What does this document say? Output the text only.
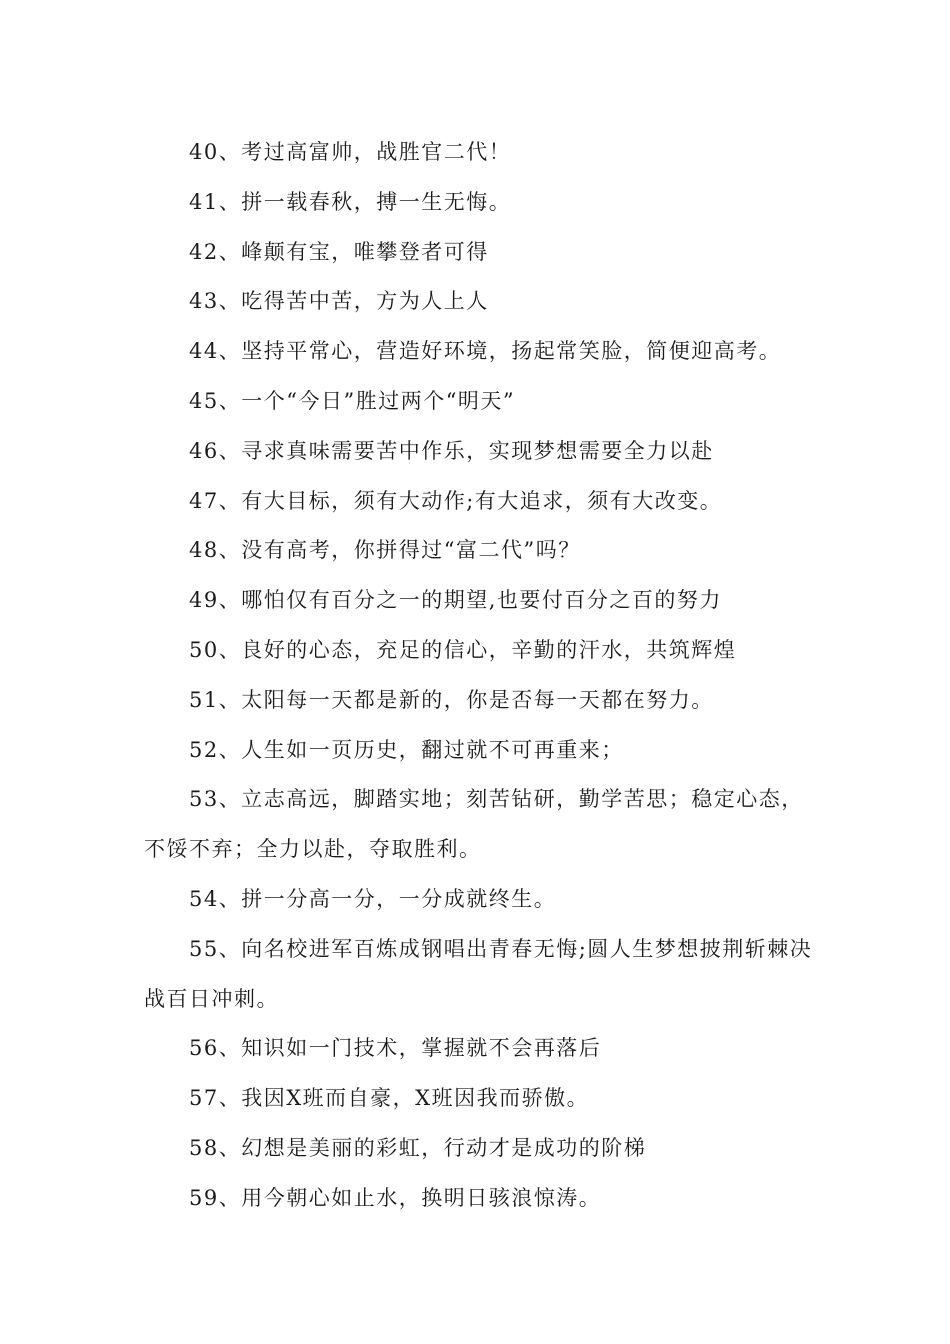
40、考过高富帅，战胜官二代！

41、拼一载春秋，搏一生无悔。

42、峰颠有宝，唯攀登者可得

43、吃得苦中苦，方为人上人

44、坚持平常心，营造好环境，扬起常笑脸，简便迎高考。

45、一个“今日”胜过两个“明天”

46、寻求真味需要苦中作乐，实现梦想需要全力以赴

47、有大目标，须有大动作;有大追求，须有大改变。

48、没有高考，你拼得过“富二代”吗？

49、哪怕仅有百分之一的期望,也要付百分之百的努力

50、良好的心态，充足的信心，辛勤的汗水，共筑辉煌

51、太阳每一天都是新的，你是否每一天都在努力。

52、人生如一页历史，翻过就不可再重来；

53、立志高远，脚踏实地；刻苦钻研，勤学苦思；稳定心态，不馁不弃；全力以赴，夺取胜利。

54、拼一分高一分，一分成就终生。

55、向名校进军百炼成钢唱出青春无悔;圆人生梦想披荆斩棘决战百日冲刺。

56、知识如一门技术，掌握就不会再落后

57、我因X班而自豪，X班因我而骄傲。

58、幻想是美丽的彩虹，行动才是成功的阶梯

59、用今朝心如止水，换明日骇浪惊涛。
